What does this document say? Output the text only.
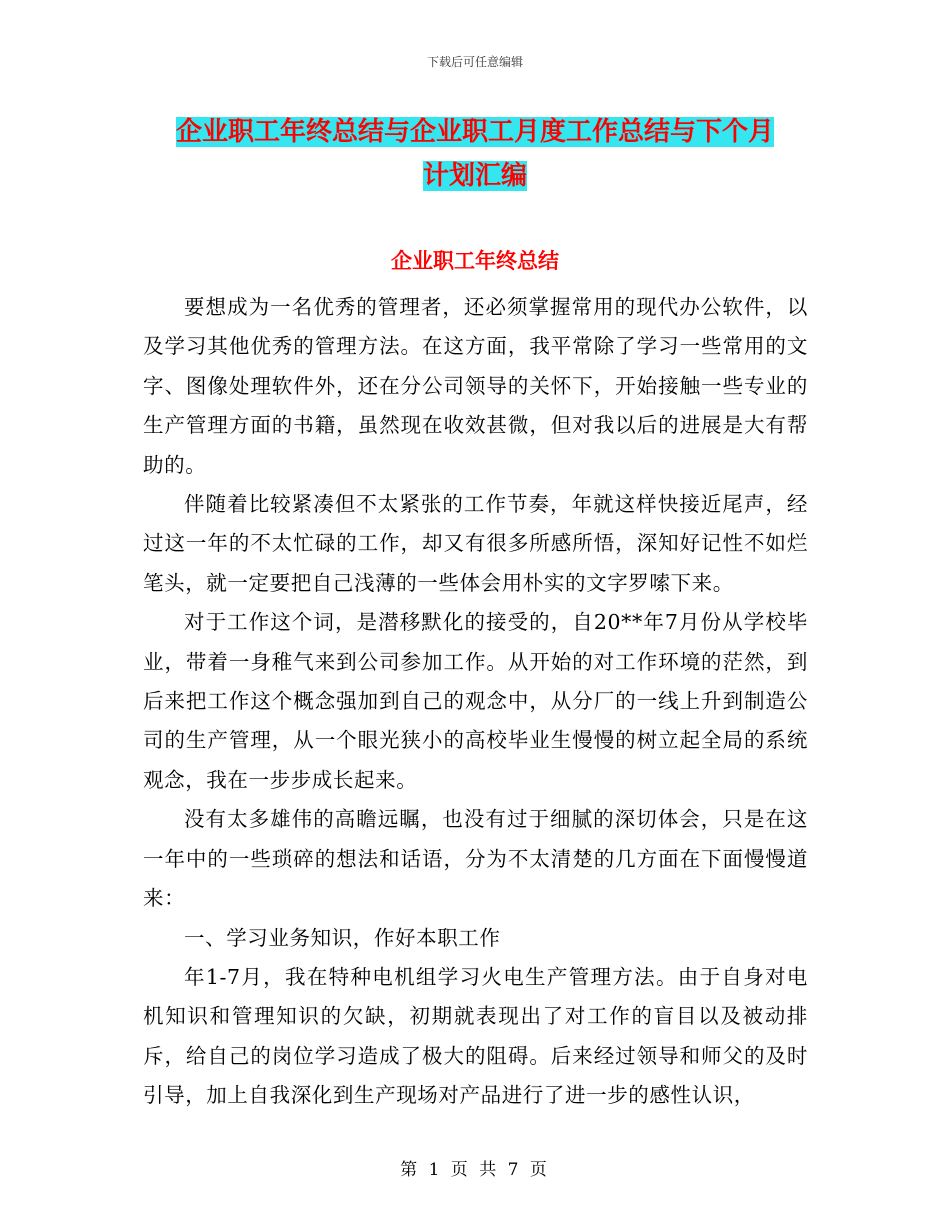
下载后可任意编辑
企业职工年终总结与企业职工月度工作总结与下个月
计划汇编
企业职工年终总结

要想成为一名优秀的管理者，还必须掌握常用的现代办公软件，以及学习其他优秀的管理方法。在这方面，我平常除了学习一些常用的文字、图像处理软件外，还在分公司领导的关怀下，开始接触一些专业的生产管理方面的书籍，虽然现在收效甚微，但对我以后的进展是大有帮助的。

伴随着比较紧凑但不太紧张的工作节奏，年就这样快接近尾声，经过这一年的不太忙碌的工作，却又有很多所感所悟，深知好记性不如烂笔头，就一定要把自己浅薄的一些体会用朴实的文字罗嗦下来。

对于工作这个词，是潜移默化的接受的，自20**年7月份从学校毕业，带着一身稚气来到公司参加工作。从开始的对工作环境的茫然，到后来把工作这个概念强加到自己的观念中，从分厂的一线上升到制造公司的生产管理，从一个眼光狭小的高校毕业生慢慢的树立起全局的系统观念，我在一步步成长起来。

没有太多雄伟的高瞻远瞩，也没有过于细腻的深切体会，只是在这一年中的一些琐碎的想法和话语，分为不太清楚的几方面在下面慢慢道来：

一、学习业务知识，作好本职工作

年1-7月，我在特种电机组学习火电生产管理方法。由于自身对电机知识和管理知识的欠缺，初期就表现出了对工作的盲目以及被动排斥，给自己的岗位学习造成了极大的阻碍。后来经过领导和师父的及时引导，加上自我深化到生产现场对产品进行了进一步的感性认识，

第 1 页 共 7 页
